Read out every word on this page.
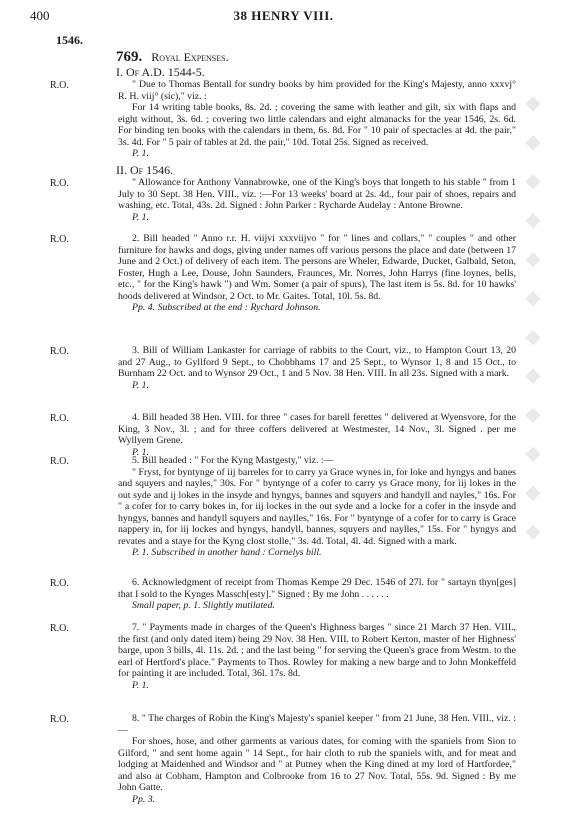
400	38 HENRY VIII.
1546.
769. Royal Expenses.
I. Of A.D. 1544-5.
R.O.	" Due to Thomas Bentall for sundry books by him provided for the King's Majesty, anno xxxvj° R. H. viij° (sic)," viz. :

For 14 writing table books, 8s. 2d. ; covering the same with leather and gilt, six with flaps and eight without, 3s. 6d. ; covering two little calendars and eight almanacks for the year 1546, 2s. 6d. For binding ten books with the calendars in them, 6s. 8d. For " 10 pair of spectacles at 4d. the pair," 3s. 4d. For " 5 pair of tables at 2d. the pair," 10d. Total 25s. Signed as received.

P. 1.

II. Of 1546.
R.O.	" Allowance for Anthony Vannabrowke, one of the King's boys that longeth to his stable " from 1 July to 30 Sept. 38 Hen. VIII., viz. :—For 13 weeks' board at 2s. 4d., four pair of shoes, repairs and washing, etc. Total, 43s. 2d. Signed : John Parker : Rycharde Audelay : Antone Browne.

P. 1.

R.O.	2. Bill headed " Anno r.r. H. viijvi xxxviijvo " for " lines and collars," " couples " and other furniture for hawks and dogs, giving under names off various persons the place and date (between 17 June and 2 Oct.) of delivery of each item. The persons are Wheler, Edwarde, Ducket, Galbald, Seton, Foster, Hugh a Lee, Douse, John Saunders, Fraunces, Mr. Norres, John Harrys (fine loynes, bells, etc., " for the King's hawk ") and Wm. Somer (a pair of spurs), The last item is 5s. 8d. for 10 hawks' hoods delivered at Windsor, 2 Oct. to Mr. Gaites. Total, 10l. 5s. 8d.

Pp. 4. Subscribed at the end : Rychard Johnson.

R.O.	3. Bill of William Lankaster for carriage of rabbits to the Court, viz., to Hampton Court 13, 20 and 27 Aug., to Gyllford 9 Sept., to Chobbhams 17 and 25 Sept., to Wynsor 1, 8 and 15 Oct., to Burnham 22 Oct. and to Wynsor 29 Oct., 1 and 5 Nov. 38 Hen. VIII. In all 23s. Signed with a mark.

P. 1.

R.O.	4. Bill headed 38 Hen. VIII. for three " cases for barell ferettes " delivered at Wyensvore, for the King, 3 Nov., 3l. ; and for three coffers delivered at Westmester, 14 Nov., 3l. Signed . per me Wyllyem Grene.

P. 1.

R.O.	5. Bill headed : " For the Kyng Mastgesty," viz. :—

" Fryst, for byntynge of iij barreles for to carry ya Grace wynes in, for loke and hyngys and banes and squyers and nayles," 30s. For " byntynge of a cofer to carry ys Grace mony, for iij lokes in the out syde and ij lokes in the insyde and hyngys, bannes and squyers and handyll and nayles," 16s. For " a cofer for to carry bokes in, for iij lockes in the out syde and a locke for a cofer in the insyde and hyngys, bannes and handyll squyers and naylles," 16s. For " byntynge of a cofer for to carry is Grace nappery in, for iij lockes and hyngys, handyll, bannes, squyers and naylles," 15s. For " hyngys and revates and a staye for the Kyng clost stolle," 3s. 4d. Total, 4l. 4d. Signed with a mark.

P. 1. Subscribed in another hand : Cornelys bill.

R.O.	6. Acknowledgment of receipt from Thomas Kempe 29 Dec. 1546 of 27l. for " sartayn thyn[ges] that I sold to the Kynges Massch[esty]." Signed : By me John . . . . . .

Small paper, p. 1. Slightly mutilated.

R.O.	7. " Payments made in charges of the Queen's Highness barges " since 21 March 37 Hen. VIII., the first (and only dated item) being 29 Nov. 38 Hen. VIII. to Robert Kerton, master of her Highness' barge, upon 3 bills, 4l. 11s. 2d. ; and the last being " for serving the Queen's grace from Westm. to the earl of Hertford's place." Payments to Thos. Rowley for making a new barge and to John Monkeffeld for painting it are included. Total, 36l. 17s. 8d.

P. 1.

R.O.	8. " The charges of Robin the King's Majesty's spaniel keeper " from 21 June, 38 Hen. VIII., viz. :—

For shoes, hose, and other garments at various dates, for coming with the spaniels from Sion to Gilford, " and sent home again " 14 Sept., for hair cloth to rub the spaniels with, and for meat and lodging at Maidenhed and Windsor and " at Putney when the King dined at my lord of Hartfordee," and also at Cobham, Hampton and Colbrooke from 16 to 27 Nov. Total, 55s. 9d. Signed : By me John Gatte.

Pp. 3.

◆ ◆ ◆ ◆ ◆ ◆ ◆ ◆ ◆ ◆ ◆ ◆
